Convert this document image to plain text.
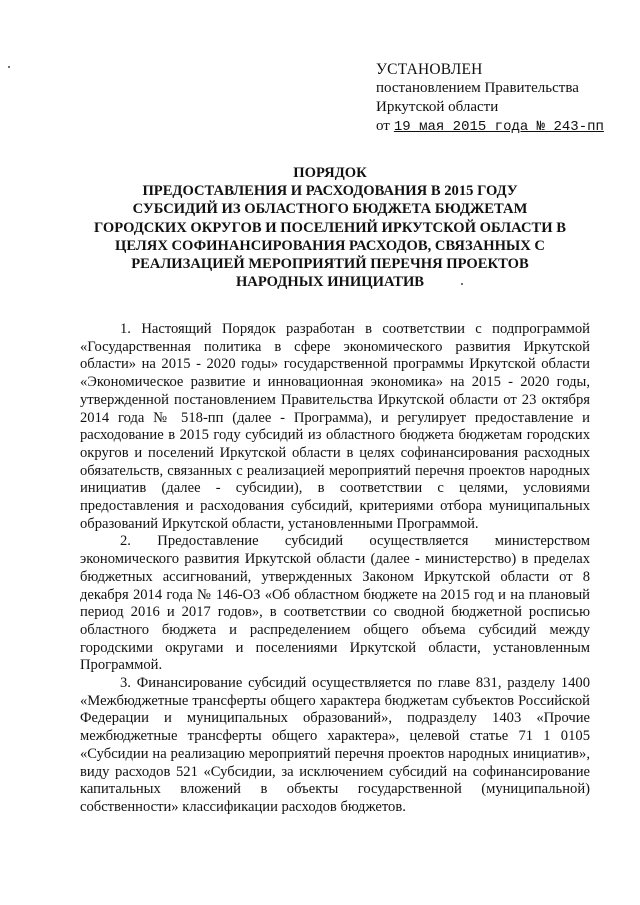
УСТАНОВЛЕН
постановлением Правительства
Иркутской области
от 19 мая 2015 года № 243-пп
ПОРЯДОК
ПРЕДОСТАВЛЕНИЯ И РАСХОДОВАНИЯ В 2015 ГОДУ
СУБСИДИЙ ИЗ ОБЛАСТНОГО БЮДЖЕТА БЮДЖЕТАМ
ГОРОДСКИХ ОКРУГОВ И ПОСЕЛЕНИЙ ИРКУТСКОЙ ОБЛАСТИ В
ЦЕЛЯХ СОФИНАНСИРОВАНИЯ РАСХОДОВ, СВЯЗАННЫХ С
РЕАЛИЗАЦИЕЙ МЕРОПРИЯТИЙ ПЕРЕЧНЯ ПРОЕКТОВ
НАРОДНЫХ ИНИЦИАТИВ

1. Настоящий Порядок разработан в соответствии с подпрограммой «Государственная политика в сфере экономического развития Иркутской области» на 2015 - 2020 годы» государственной программы Иркутской области «Экономическое развитие и инновационная экономика» на 2015 - 2020 годы, утвержденной постановлением Правительства Иркутской области от 23 октября 2014 года № 518-пп (далее - Программа), и регулирует предоставление и расходование в 2015 году субсидий из областного бюджета бюджетам городских округов и поселений Иркутской области в целях софинансирования расходных обязательств, связанных с реализацией мероприятий перечня проектов народных инициатив (далее - субсидии), в соответствии с целями, условиями предоставления и расходования субсидий, критериями отбора муниципальных образований Иркутской области, установленными Программой.

2. Предоставление субсидий осуществляется министерством экономического развития Иркутской области (далее - министерство) в пределах бюджетных ассигнований, утвержденных Законом Иркутской области от 8 декабря 2014 года № 146-ОЗ «Об областном бюджете на 2015 год и на плановый период 2016 и 2017 годов», в соответствии со сводной бюджетной росписью областного бюджета и распределением общего объема субсидий между городскими округами и поселениями Иркутской области, установленным Программой.

3. Финансирование субсидий осуществляется по главе 831, разделу 1400 «Межбюджетные трансферты общего характера бюджетам субъектов Российской Федерации и муниципальных образований», подразделу 1403 «Прочие межбюджетные трансферты общего характера», целевой статье 71 1 0105 «Субсидии на реализацию мероприятий перечня проектов народных инициатив», виду расходов 521 «Субсидии, за исключением субсидий на софинансирование капитальных вложений в объекты государственной (муниципальной) собственности» классификации расходов бюджетов.
